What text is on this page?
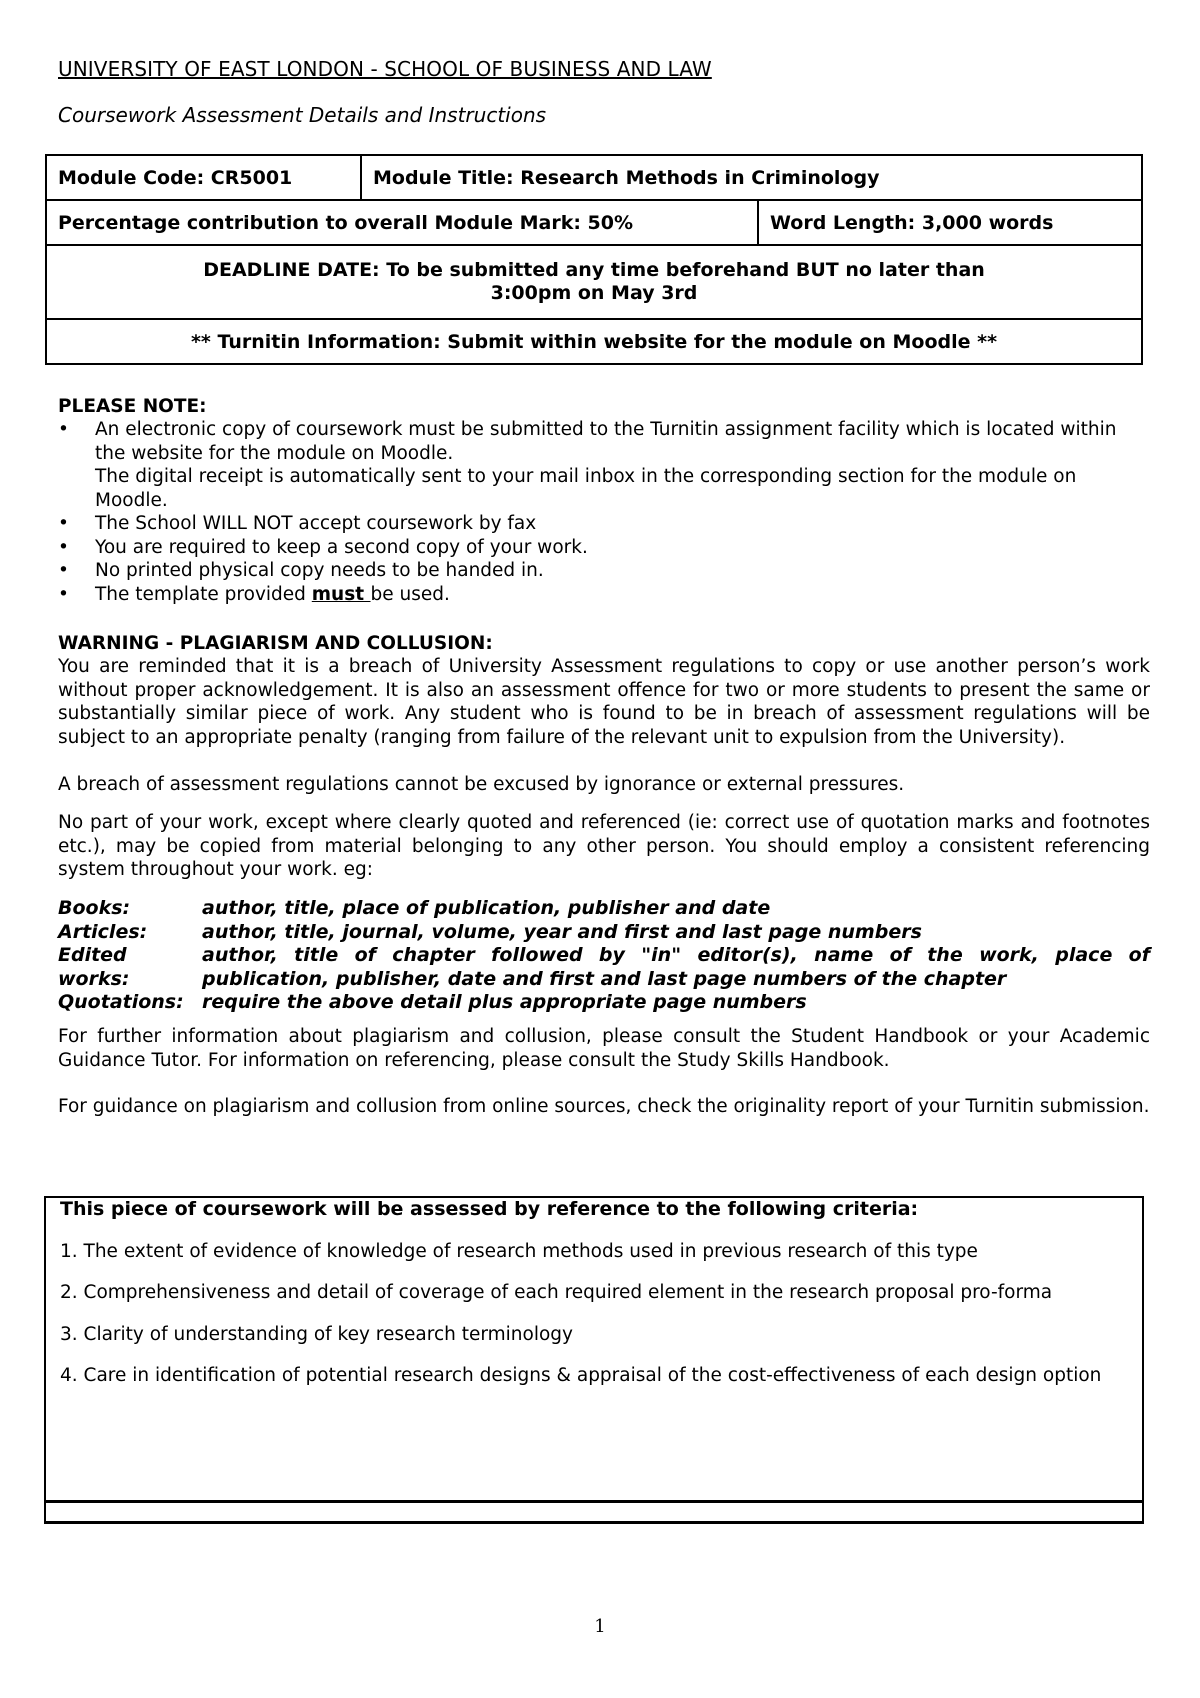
UNIVERSITY OF EAST LONDON - SCHOOL OF BUSINESS AND LAW
Coursework Assessment Details and Instructions
Module Code: CR5001	Module Title: Research Methods in Criminology	
Percentage contribution to overall Module Mark: 50%		Word Length: 3,000 words

DEADLINE DATE: To be submitted any time beforehand BUT no later than
3:00pm on May 3rd		

** Turnitin Information: Submit within website for the module on Moodle **		
PLEASE NOTE:
• An electronic copy of coursework must be submitted to the Turnitin assignment facility which is located within the website for the module on Moodle.
The digital receipt is automatically sent to your mail inbox in the corresponding section for the module on Moodle.
• The School WILL NOT accept coursework by fax
• You are required to keep a second copy of your work.
• No printed physical copy needs to be handed in.
• The template provided must be used.
WARNING - PLAGIARISM AND COLLUSION:
You are reminded that it is a breach of University Assessment regulations to copy or use another person’s work without proper acknowledgement. It is also an assessment offence for two or more students to present the same or substantially similar piece of work. Any student who is found to be in breach of assessment regulations will be subject to an appropriate penalty (ranging from failure of the relevant unit to expulsion from the University).
A breach of assessment regulations cannot be excused by ignorance or external pressures.
No part of your work, except where clearly quoted and referenced (ie: correct use of quotation marks and footnotes etc.), may be copied from material belonging to any other person. You should employ a consistent referencing system throughout your work. eg:
Books:	author, title, place of publication, publisher and date
Articles:	author, title, journal, volume, year and first and last page numbers
Edited works:
author, title of chapter followed by "in" editor(s), name of the work, place of publication, publisher, date and first and last page numbers of the chapter
Quotations: require the above detail plus appropriate page numbers
For further information about plagiarism and collusion, please consult the Student Handbook or your Academic Guidance Tutor. For information on referencing, please consult the Study Skills Handbook.
For guidance on plagiarism and collusion from online sources, check the originality report of your Turnitin submission.
This piece of coursework will be assessed by reference to the following criteria:
1. The extent of evidence of knowledge of research methods used in previous research of this type
2. Comprehensiveness and detail of coverage of each required element in the research proposal pro-forma
3. Clarity of understanding of key research terminology
4. Care in identification of potential research designs & appraisal of the cost-effectiveness of each design option
1
